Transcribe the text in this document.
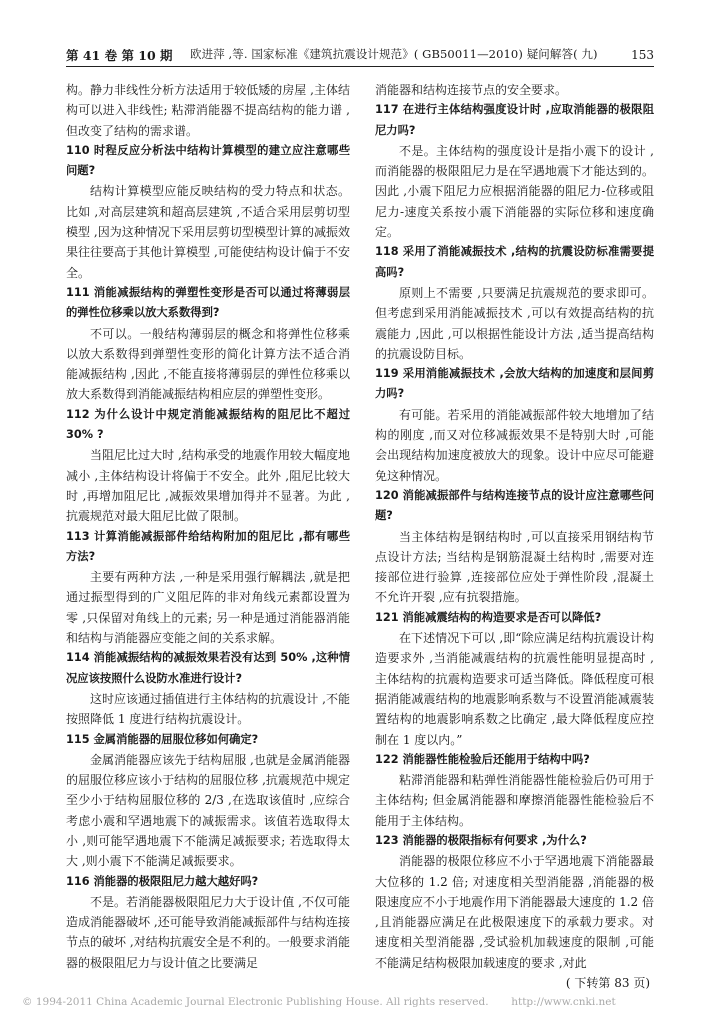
第 41 卷 第 10 期 欧进萍 ,等. 国家标准《建筑抗震设计规范》( GB50011—2010) 疑问解答( 九)	153

构。静力非线性分析方法适用于较低矮的房屋 ,主体结构可以进入非线性; 粘滞消能器不提高结构的能力谱 ,但改变了结构的需求谱。

110 时程反应分析法中结构计算模型的建立应注意哪些问题?

结构计算模型应能反映结构的受力特点和状态。比如 ,对高层建筑和超高层建筑 ,不适合采用层剪切型模型 ,因为这种情况下采用层剪切型模型计算的减振效果往往要高于其他计算模型 ,可能使结构设计偏于不安全。

111 消能减振结构的弹塑性变形是否可以通过将薄弱层的弹性位移乘以放大系数得到?

不可以。一般结构薄弱层的概念和将弹性位移乘以放大系数得到弹塑性变形的简化计算方法不适合消能减振结构 ,因此 ,不能直接将薄弱层的弹性位移乘以放大系数得到消能减振结构相应层的弹塑性变形。

112 为什么设计中规定消能减振结构的阻尼比不超过 30% ?

当阻尼比过大时 ,结构承受的地震作用较大幅度地减小 ,主体结构设计将偏于不安全。此外 ,阻尼比较大时 ,再增加阻尼比 ,减振效果增加得并不显著。为此 ,抗震规范对最大阻尼比做了限制。

113 计算消能减振部件给结构附加的阻尼比 ,都有哪些方法?

主要有两种方法 ,一种是采用强行解耦法 ,就是把通过振型得到的广义阻尼阵的非对角线元素都设置为零 ,只保留对角线上的元素; 另一种是通过消能器消能和结构与消能器应变能之间的关系求解。

114 消能减振结构的减振效果若没有达到 50% ,这种情况应该按照什么设防水准进行设计?

这时应该通过插值进行主体结构的抗震设计 ,不能按照降低 1 度进行结构抗震设计。

115 金属消能器的屈服位移如何确定?

金属消能器应该先于结构屈服 ,也就是金属消能器的屈服位移应该小于结构的屈服位移 ,抗震规范中规定至少小于结构屈服位移的 2/3 ,在选取该值时 ,应综合考虑小震和罕遇地震下的减振需求。该值若选取得太小 ,则可能罕遇地震下不能满足减振要求; 若选取得太大 ,则小震下不能满足减振要求。

116 消能器的极限阻尼力越大越好吗?

不是。若消能器极限阻尼力大于设计值 ,不仅可能造成消能器破坏 ,还可能导致消能减振部件与结构连接节点的破坏 ,对结构抗震安全是不利的。一般要求消能器的极限阻尼力与设计值之比要满足

消能器和结构连接节点的安全要求。

117 在进行主体结构强度设计时 ,应取消能器的极限阻尼力吗?

不是。主体结构的强度设计是指小震下的设计 ,而消能器的极限阻尼力是在罕遇地震下才能达到的。因此 ,小震下阻尼力应根据消能器的阻尼力-位移或阻尼力-速度关系按小震下消能器的实际位移和速度确定。

118 采用了消能减振技术 ,结构的抗震设防标准需要提高吗?

原则上不需要 ,只要满足抗震规范的要求即可。但考虑到采用消能减振技术 ,可以有效提高结构的抗震能力 ,因此 ,可以根据性能设计方法 ,适当提高结构的抗震设防目标。

119 采用消能减振技术 ,会放大结构的加速度和层间剪力吗?

有可能。若采用的消能减振部件较大地增加了结构的刚度 ,而又对位移减振效果不是特别大时 ,可能会出现结构加速度被放大的现象。设计中应尽可能避免这种情况。

120 消能减振部件与结构连接节点的设计应注意哪些问题?

当主体结构是钢结构时 ,可以直接采用钢结构节点设计方法; 当结构是钢筋混凝土结构时 ,需要对连接部位进行验算 ,连接部位应处于弹性阶段 ,混凝土不允许开裂 ,应有抗裂措施。

121 消能减震结构的构造要求是否可以降低?

在下述情况下可以 ,即“除应满足结构抗震设计构造要求外 ,当消能减震结构的抗震性能明显提高时 ,主体结构的抗震构造要求可适当降低。降低程度可根据消能减震结构的地震影响系数与不设置消能减震装置结构的地震影响系数之比确定 ,最大降低程度应控制在 1 度以内。”

122 消能器性能检验后还能用于结构中吗?

粘滞消能器和粘弹性消能器性能检验后仍可用于主体结构; 但金属消能器和摩擦消能器性能检验后不能用于主体结构。

123 消能器的极限指标有何要求 ,为什么?

消能器的极限位移应不小于罕遇地震下消能器最大位移的 1.2 倍; 对速度相关型消能器 ,消能器的极限速度应不小于地震作用下消能器最大速度的 1.2 倍 ,且消能器应满足在此极限速度下的承载力要求。对速度相关型消能器 ,受试验机加载速度的限制 ,可能不能满足结构极限加载速度的要求 ,对此

( 下转第 83 页)

© 1994-2011 China Academic Journal Electronic Publishing House. All rights reserved. http://www.cnki.net
